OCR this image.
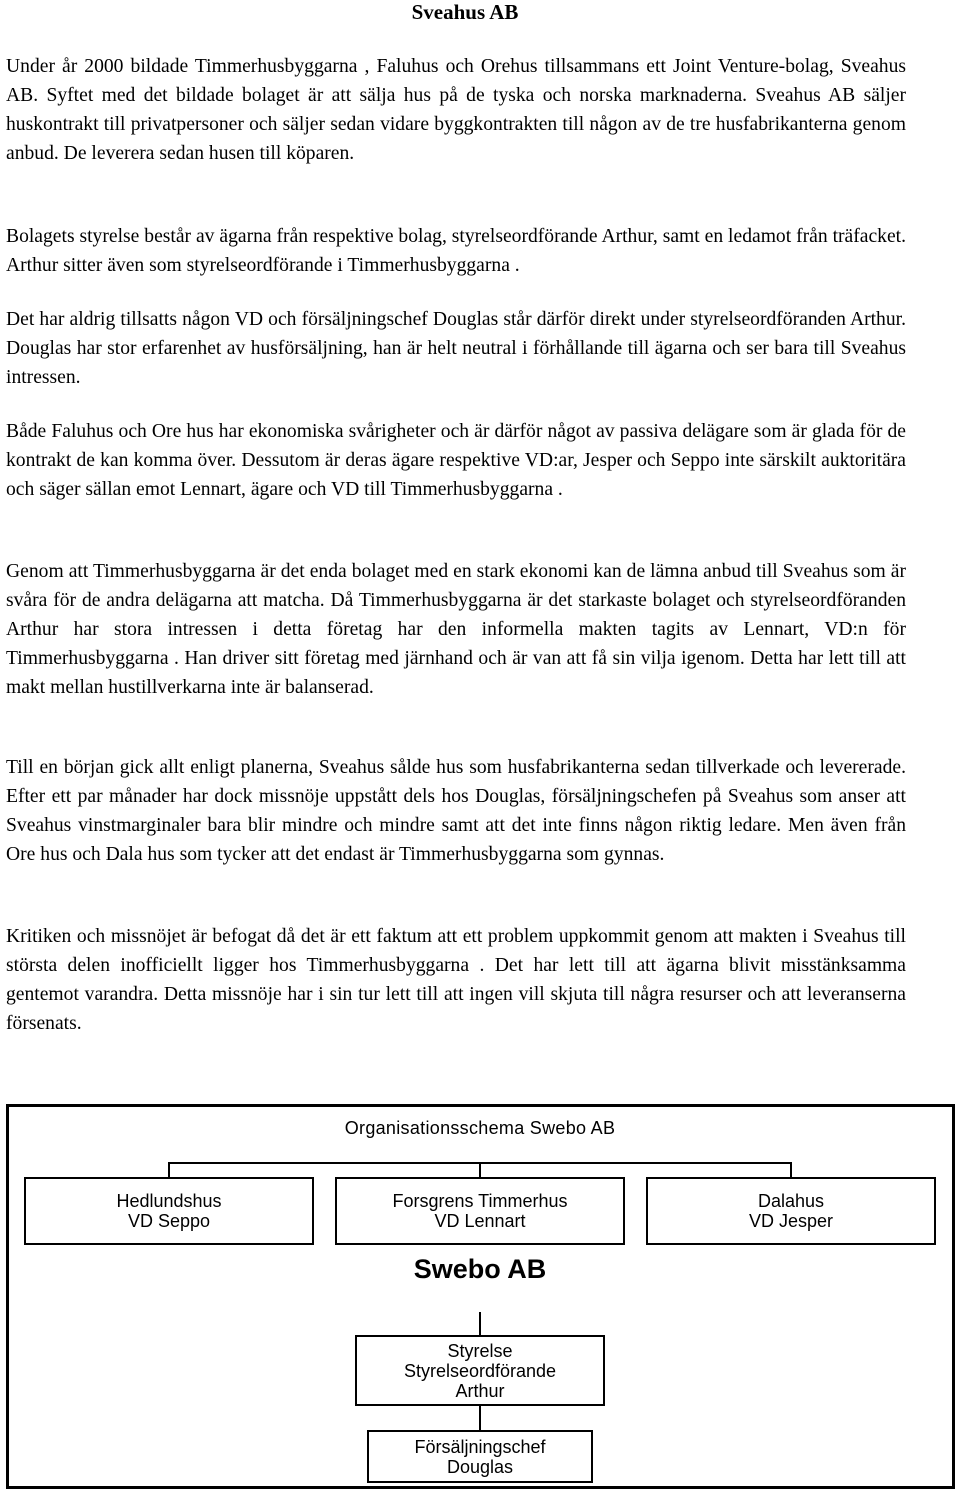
Sveahus AB

Under år 2000 bildade Timmerhusbyggarna , Faluhus och Orehus tillsammans ett Joint Venture-bolag, Sveahus AB. Syftet med det bildade bolaget är att sälja hus på de tyska och norska marknaderna. Sveahus AB säljer huskontrakt till privatpersoner och säljer sedan vidare byggkontrakten till någon av de tre husfabrikanterna genom anbud. De leverera sedan husen till köparen.

Bolagets styrelse består av ägarna från respektive bolag, styrelseordförande Arthur, samt en ledamot från träfacket. Arthur sitter även som styrelseordförande i Timmerhusbyggarna .

Det har aldrig tillsatts någon VD och försäljningschef Douglas står därför direkt under styrelseordföranden Arthur. Douglas har stor erfarenhet av husförsäljning, han är helt neutral i förhållande till ägarna och ser bara till Sveahus intressen.

Både Faluhus och Ore hus har ekonomiska svårigheter och är därför något av passiva delägare som är glada för de kontrakt de kan komma över. Dessutom är deras ägare respektive VD:ar, Jesper och Seppo inte särskilt auktoritära och säger sällan emot Lennart, ägare och VD till Timmerhusbyggarna .

Genom att Timmerhusbyggarna är det enda bolaget med en stark ekonomi kan de lämna anbud till Sveahus som är svåra för de andra delägarna att matcha. Då Timmerhusbyggarna är det starkaste bolaget och styrelseordföranden Arthur har stora intressen i detta företag har den informella makten tagits av Lennart, VD:n för Timmerhusbyggarna . Han driver sitt företag med järnhand och är van att få sin vilja igenom. Detta har lett till att makt mellan hustillverkarna inte är balanserad.

Till en början gick allt enligt planerna, Sveahus sålde hus som husfabrikanterna sedan tillverkade och levererade. Efter ett par månader har dock missnöje uppstått dels hos Douglas, försäljningschefen på Sveahus som anser att Sveahus vinstmarginaler bara blir mindre och mindre samt att det inte finns någon riktig ledare. Men även från Ore hus och Dala hus som tycker att det endast är Timmerhusbyggarna som gynnas.

Kritiken och missnöjet är befogat då det är ett faktum att ett problem uppkommit genom att makten i Sveahus till största delen inofficiellt ligger hos Timmerhusbyggarna . Det har lett till att ägarna blivit misstänksamma gentemot varandra. Detta missnöje har i sin tur lett till att ingen vill skjuta till några resurser och att leveranserna försenats.

Organisationsschema Swebo AB
Hedlundshus
VD Seppo
Forsgrens Timmerhus
VD Lennart
Dalahus
VD Jesper
Swebo AB
Styrelse
Styrelseordförande
Arthur
Försäljningschef
Douglas
